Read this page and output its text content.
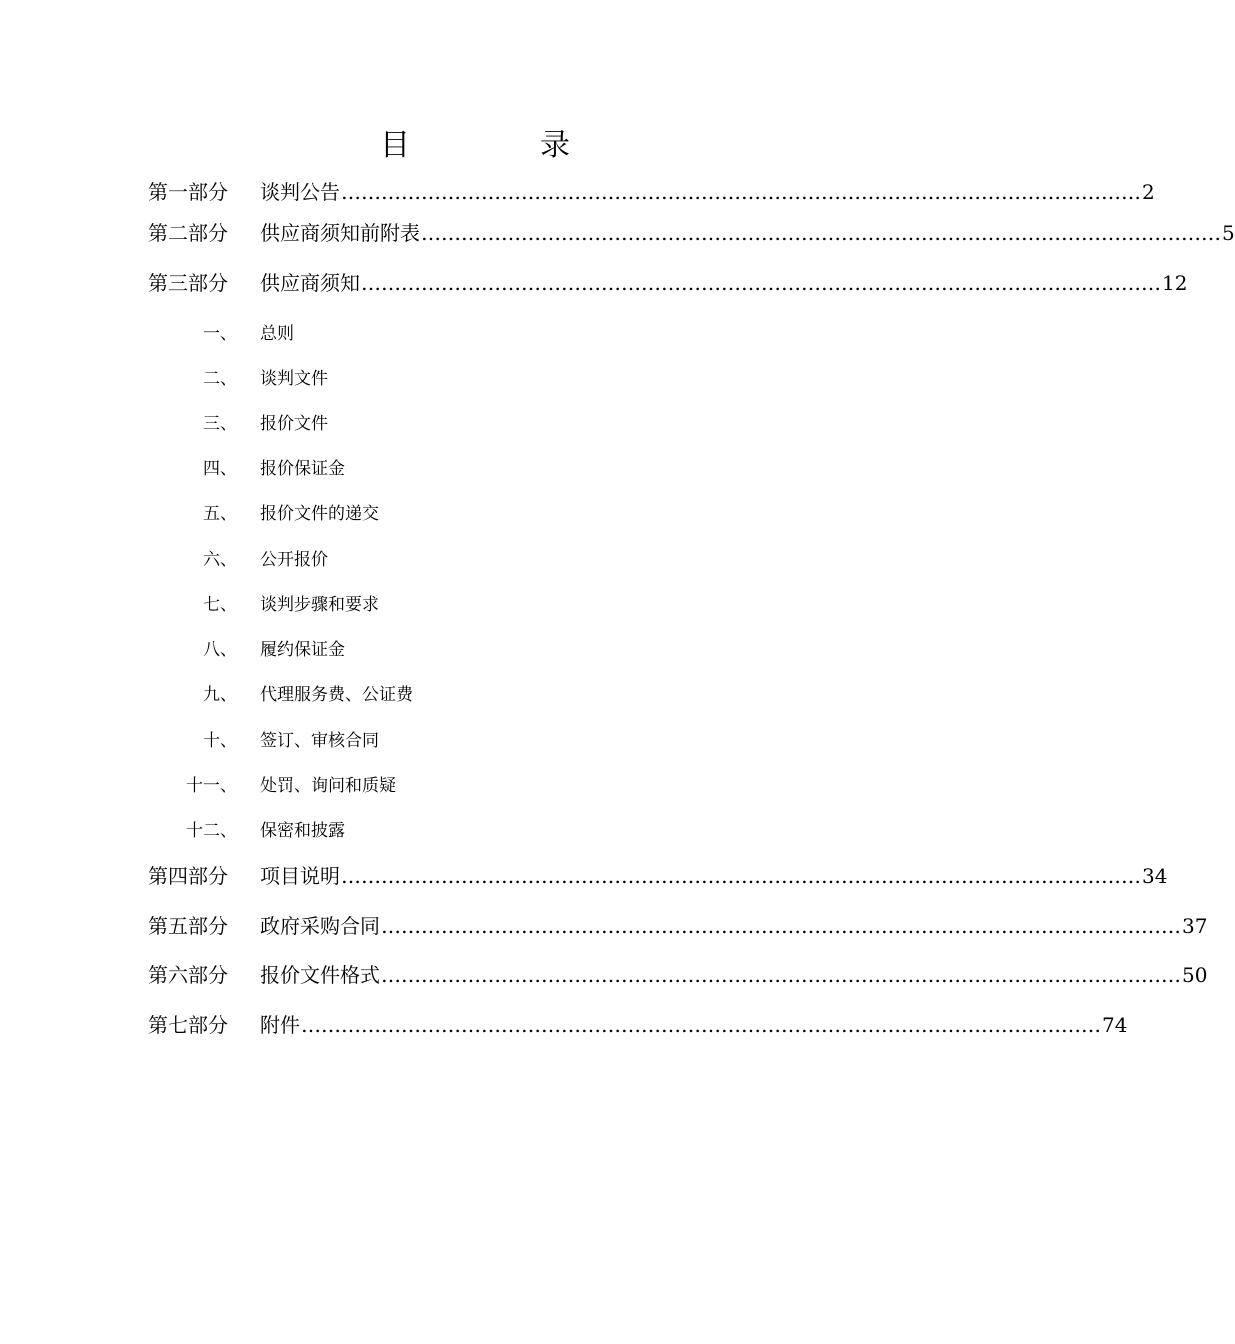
目　录
第一部分	谈判公告 ………………………………………………………………………………………………………… 2
第二部分	供应商须知前附表 ………………………………………………………………………………………………………… 5
第三部分	供应商须知 ………………………………………………………………………………………………………… 12
一、 总则
二、 谈判文件
三、 报价文件
四、 报价保证金
五、 报价文件的递交
六、 公开报价
七、 谈判步骤和要求
八、 履约保证金
九、 代理服务费、公证费
十、 签订、审核合同
十一、 处罚、询问和质疑
十二、 保密和披露
第四部分	项目说明 ………………………………………………………………………………………………………… 34
第五部分	政府采购合同 ………………………………………………………………………………………………………… 37
第六部分	报价文件格式 ………………………………………………………………………………………………………… 50
第七部分	附件 ………………………………………………………………………………………………………… 74
